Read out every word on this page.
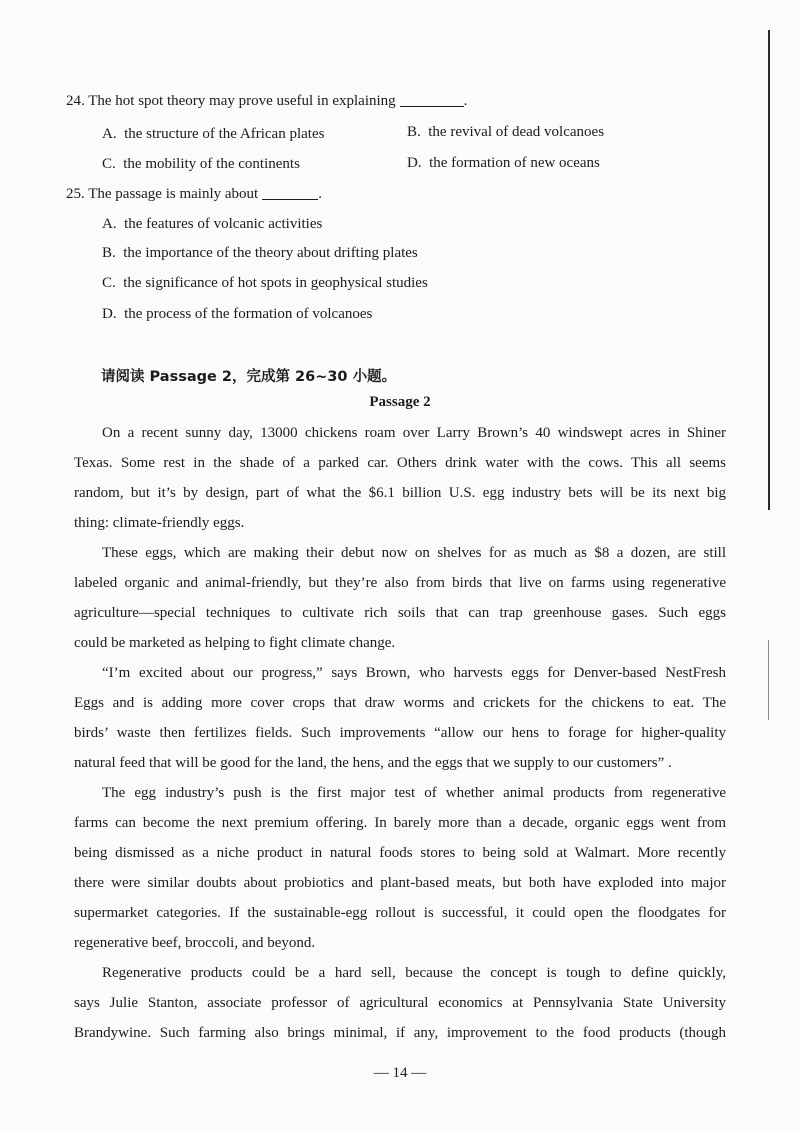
24. The hot spot theory may prove useful in explaining	.
A. the structure of the African plates	B. the revival of dead volcanoes
C. the mobility of the continents	D. the formation of new oceans
25. The passage is mainly about	.
A. the features of volcanic activities
B. the importance of the theory about drifting plates
C. the significance of hot spots in geophysical studies
D. the process of the formation of volcanoes
请阅读 Passage 2，完成第 26~30 小题。
Passage 2
On a recent sunny day, 13000 chickens roam over Larry Brown’s 40 windswept acres in Shiner
Texas. Some rest in the shade of a parked car. Others drink water with the cows. This all seems
random, but it’s by design, part of what the $6.1 billion U.S. egg industry bets will be its next big
thing: climate-friendly eggs.
These eggs, which are making their debut now on shelves for as much as $8 a dozen, are still
labeled organic and animal-friendly, but they’re also from birds that live on farms using regenerative
agriculture—special techniques to cultivate rich soils that can trap greenhouse gases. Such eggs
could be marketed as helping to fight climate change.
“I’m excited about our progress,” says Brown, who harvests eggs for Denver-based NestFresh
Eggs and is adding more cover crops that draw worms and crickets for the chickens to eat. The
birds’ waste then fertilizes fields. Such improvements “allow our hens to forage for higher-quality
natural feed that will be good for the land, the hens, and the eggs that we supply to our customers” .
The egg industry’s push is the first major test of whether animal products from regenerative
farms can become the next premium offering. In barely more than a decade, organic eggs went from
being dismissed as a niche product in natural foods stores to being sold at Walmart. More recently
there were similar doubts about probiotics and plant-based meats, but both have exploded into major
supermarket categories. If the sustainable-egg rollout is successful, it could open the floodgates for
regenerative beef, broccoli, and beyond.
Regenerative products could be a hard sell, because the concept is tough to define quickly,
says Julie Stanton, associate professor of agricultural economics at Pennsylvania State University
Brandywine. Such farming also brings minimal, if any, improvement to the food products (though
— 14 —
